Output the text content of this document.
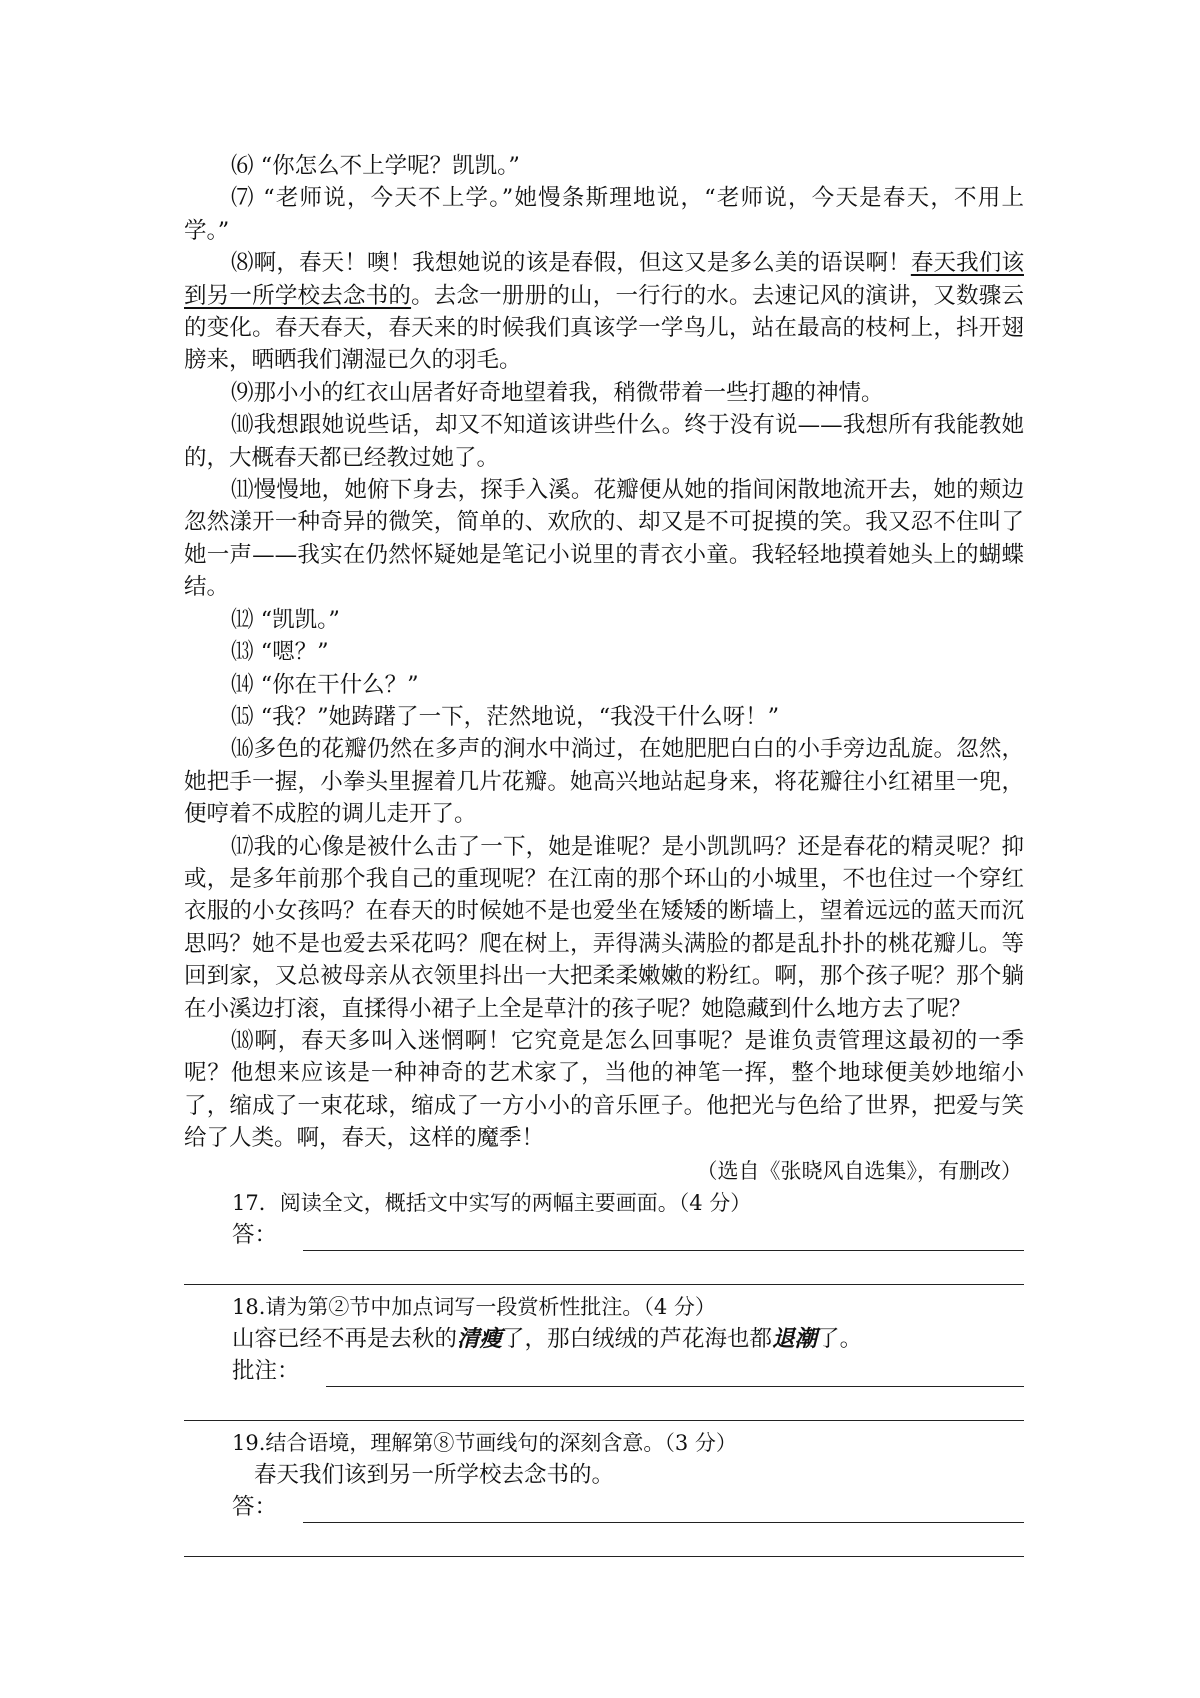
⑹ “你怎么不上学呢？凯凯。”

⑺ “老师说，今天不上学。”她慢条斯理地说，“老师说，今天是春天，不用上学。”

⑻啊，春天！噢！我想她说的该是春假，但这又是多么美的语误啊！春天我们该到另一所学校去念书的。去念一册册的山，一行行的水。去速记风的演讲，又数骤云的变化。春天春天，春天来的时候我们真该学一学鸟儿，站在最高的枝柯上，抖开翅膀来，晒晒我们潮湿已久的羽毛。

⑼那小小的红衣山居者好奇地望着我，稍微带着一些打趣的神情。

⑽我想跟她说些话，却又不知道该讲些什么。终于没有说——我想所有我能教她的，大概春天都已经教过她了。

⑾慢慢地，她俯下身去，探手入溪。花瓣便从她的指间闲散地流开去，她的颊边忽然漾开一种奇异的微笑，简单的、欢欣的、却又是不可捉摸的笑。我又忍不住叫了她一声——我实在仍然怀疑她是笔记小说里的青衣小童。我轻轻地摸着她头上的蝴蝶结。

⑿ “凯凯。”

⒀ “嗯？”

⒁ “你在干什么？”

⒂ “我？”她踌躇了一下，茫然地说，“我没干什么呀！”

⒃多色的花瓣仍然在多声的涧水中淌过，在她肥肥白白的小手旁边乱旋。忽然，她把手一握，小拳头里握着几片花瓣。她高兴地站起身来，将花瓣往小红裙里一兜，便哼着不成腔的调儿走开了。

⒄我的心像是被什么击了一下，她是谁呢？是小凯凯吗？还是春花的精灵呢？抑或，是多年前那个我自己的重现呢？在江南的那个环山的小城里，不也住过一个穿红衣服的小女孩吗？在春天的时候她不是也爱坐在矮矮的断墙上，望着远远的蓝天而沉思吗？她不是也爱去采花吗？爬在树上，弄得满头满脸的都是乱扑扑的桃花瓣儿。等回到家，又总被母亲从衣领里抖出一大把柔柔嫩嫩的粉红。啊，那个孩子呢？那个躺在小溪边打滚，直揉得小裙子上全是草汁的孩子呢？她隐藏到什么地方去了呢？

⒅啊，春天多叫入迷惘啊！它究竟是怎么回事呢？是谁负责管理这最初的一季呢？他想来应该是一种神奇的艺术家了，当他的神笔一挥，整个地球便美妙地缩小了，缩成了一束花球，缩成了一方小小的音乐匣子。他把光与色给了世界，把爱与笑给了人类。啊，春天，这样的魔季！

（选自《张晓风自选集》，有删改）

17．阅读全文，概括文中实写的两幅主要画面。（4 分）

答：

18.请为第②节中加点词写一段赏析性批注。（4 分）

山容已经不再是去秋的清瘦了，那白绒绒的芦花海也都退潮了。

批注：

19.结合语境，理解第⑧节画线句的深刻含意。（3 分）

春天我们该到另一所学校去念书的。

答：
